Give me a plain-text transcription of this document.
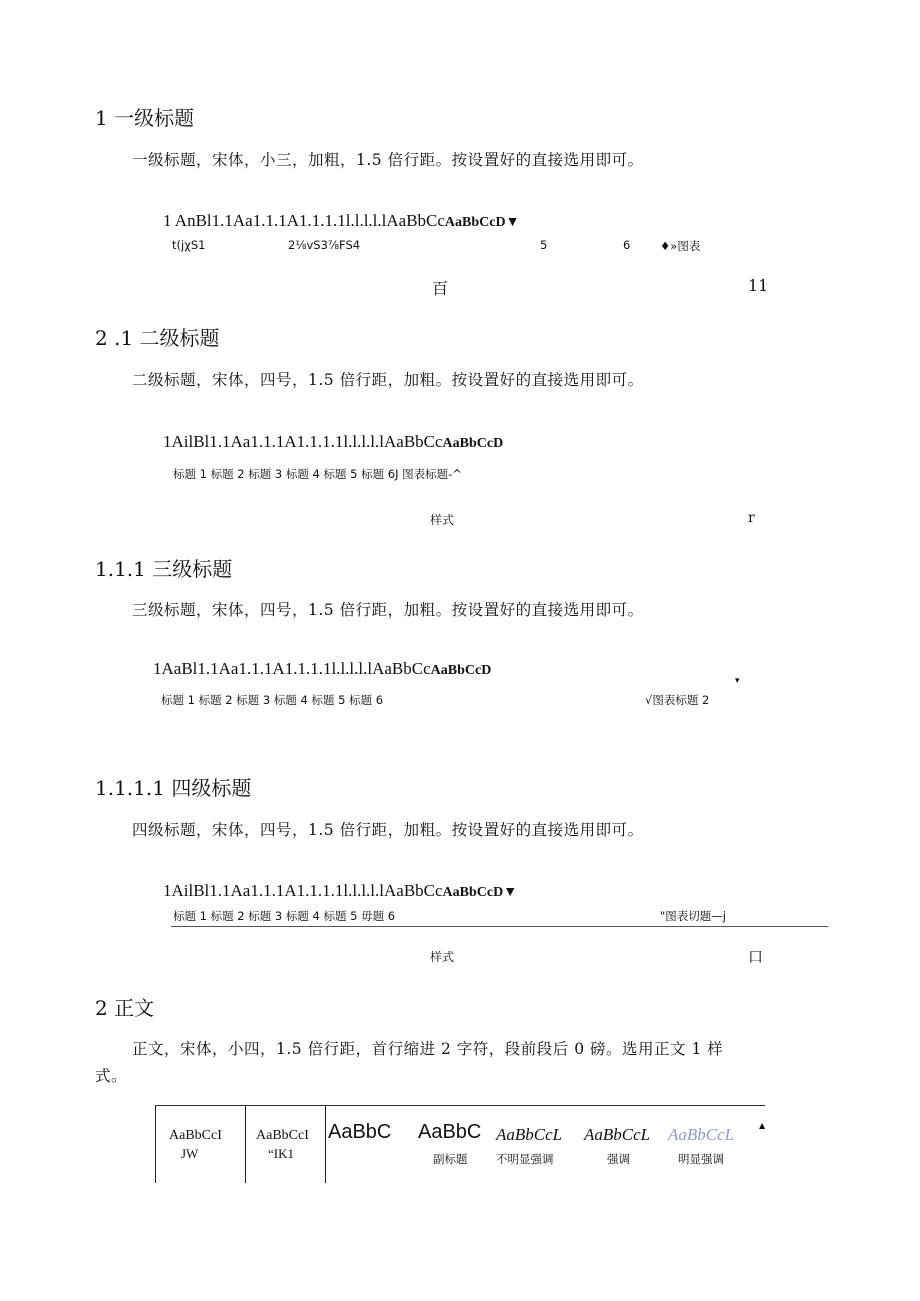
1 一级标题
一级标题，宋体，小三，加粗，1.5 倍行距。按设置好的直接选用即可。
1 AnBl1.1Aa1.1.1A1.1.1.1l.l.l.l.lAaBbCcAaBbCcD▼
t(jχS1	2⅛vS3⅞FS4	5	6	♦»图表
百	11
2 .1 二级标题
二级标题，宋体，四号，1.5 倍行距，加粗。按设置好的直接选用即可。
1AilBl1.1Aa1.1.1A1.1.1.1l.l.l.l.lAaBbCcAaBbCcD
标题 1 标题 2 标题 3 标题 4 标题 5 标题 6J 图表标题-^
样式	r
1.1.1 三级标题
三级标题，宋体，四号，1.5 倍行距，加粗。按设置好的直接选用即可。
1AaBl1.1Aa1.1.1A1.1.1.1l.l.l.l.lAaBbCcAaBbCcD
▾
标题 1 标题 2 标题 3 标题 4 标题 5 标题 6	√图表标题 2
1.1.1.1 四级标题
四级标题，宋体，四号，1.5 倍行距，加粗。按设置好的直接选用即可。
1AilBl1.1Aa1.1.1A1.1.1.1l.l.l.l.lAaBbCcAaBbCcD▼
标题 1 标题 2 标题 3 标题 4 标题 5 毋题 6	"图表切题—j
样式	口
2 正文
正文，宋体，小四，1.5 倍行距，首行缩进 2 字符，段前段后 0 磅。选用正文 1 样
式。
AaBbCcI
JW
AaBbCcI
“IK1
AaBbC AaBbC
副标题
AaBbCcL
不明显强调
AaBbCcL
强调
AaBbCcL
明显强调
▲
